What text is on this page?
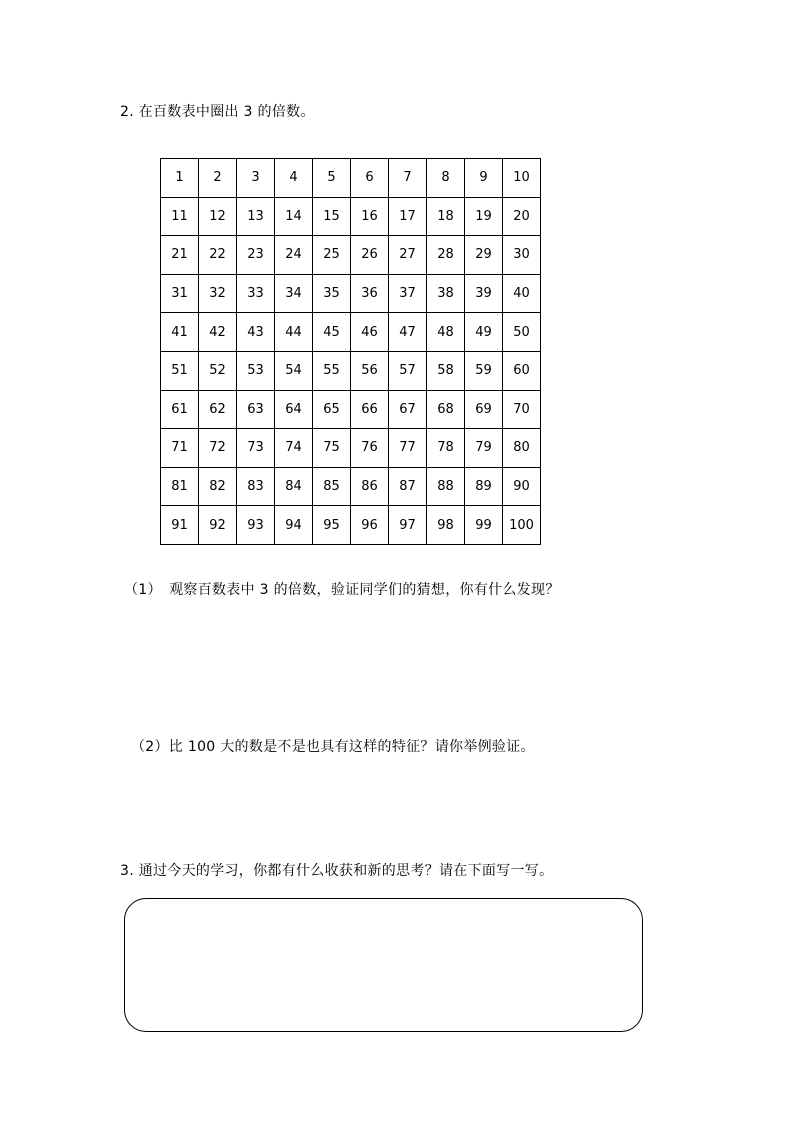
2. 在百数表中圈出 3 的倍数。
1	2	3	4	5	6	7	8	9	10
11	12	13	14	15	16	17	18	19	20
21	22	23	24	25	26	27	28	29	30
31	32	33	34	35	36	37	38	39	40
41	42	43	44	45	46	47	48	49	50
51	52	53	54	55	56	57	58	59	60
61	62	63	64	65	66	67	68	69	70
71	72	73	74	75	76	77	78	79	80
81	82	83	84	85	86	87	88	89	90
91	92	93	94	95	96	97	98	99	100
（1）　观察百数表中 3 的倍数，验证同学们的猜想，你有什么发现？
（2）比 100 大的数是不是也具有这样的特征？请你举例验证。
3. 通过今天的学习，你都有什么收获和新的思考？请在下面写一写。
